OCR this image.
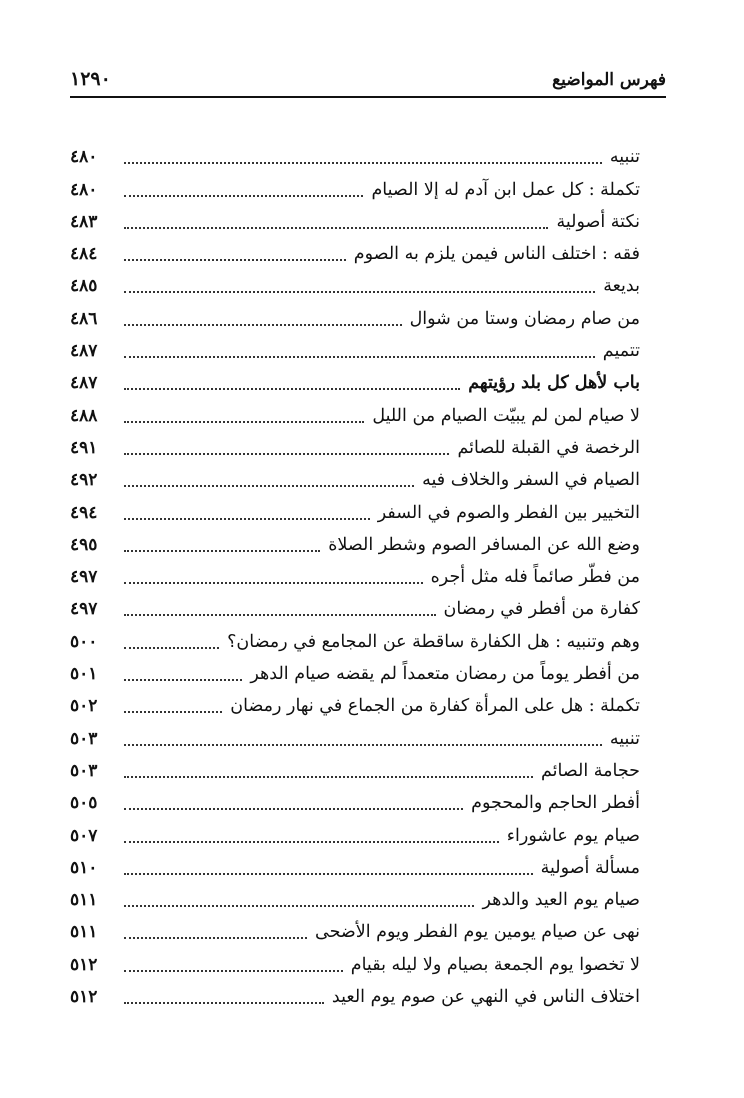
فهرس المواضيع
١٢٩٠
تنبيه
٤٨٠
تكملة : كل عمل ابن آدم له إلا الصيام
٤٨٠
نكتة أصولية
٤٨٣
فقه : اختلف الناس فيمن يلزم به الصوم
٤٨٤
بديعة
٤٨٥
من صام رمضان وستا من شوال
٤٨٦
تتميم
٤٨٧
باب لأهل كل بلد رؤيتهم
٤٨٧
لا صيام لمن لم يبيّت الصيام من الليل
٤٨٨
الرخصة في القبلة للصائم
٤٩١
الصيام في السفر والخلاف فيه
٤٩٢
التخيير بين الفطر والصوم في السفر
٤٩٤
وضع الله عن المسافر الصوم وشطر الصلاة
٤٩٥
من فطّر صائماً فله مثل أجره
٤٩٧
كفارة من أفطر في رمضان
٤٩٧
وهم وتنبيه : هل الكفارة ساقطة عن المجامع في رمضان؟
٥٠٠
من أفطر يوماً من رمضان متعمداً لم يقضه صيام الدهر
٥٠١
تكملة : هل على المرأة كفارة من الجماع في نهار رمضان
٥٠٢
تنبيه
٥٠٣
حجامة الصائم
٥٠٣
أفطر الحاجم والمحجوم
٥٠٥
صيام يوم عاشوراء
٥٠٧
مسألة أصولية
٥١٠
صيام يوم العيد والدهر
٥١١
نهى عن صيام يومين يوم الفطر ويوم الأضحى
٥١١
لا تخصوا يوم الجمعة بصيام ولا ليله بقيام
٥١٢
اختلاف الناس في النهي عن صوم يوم العيد
٥١٢
